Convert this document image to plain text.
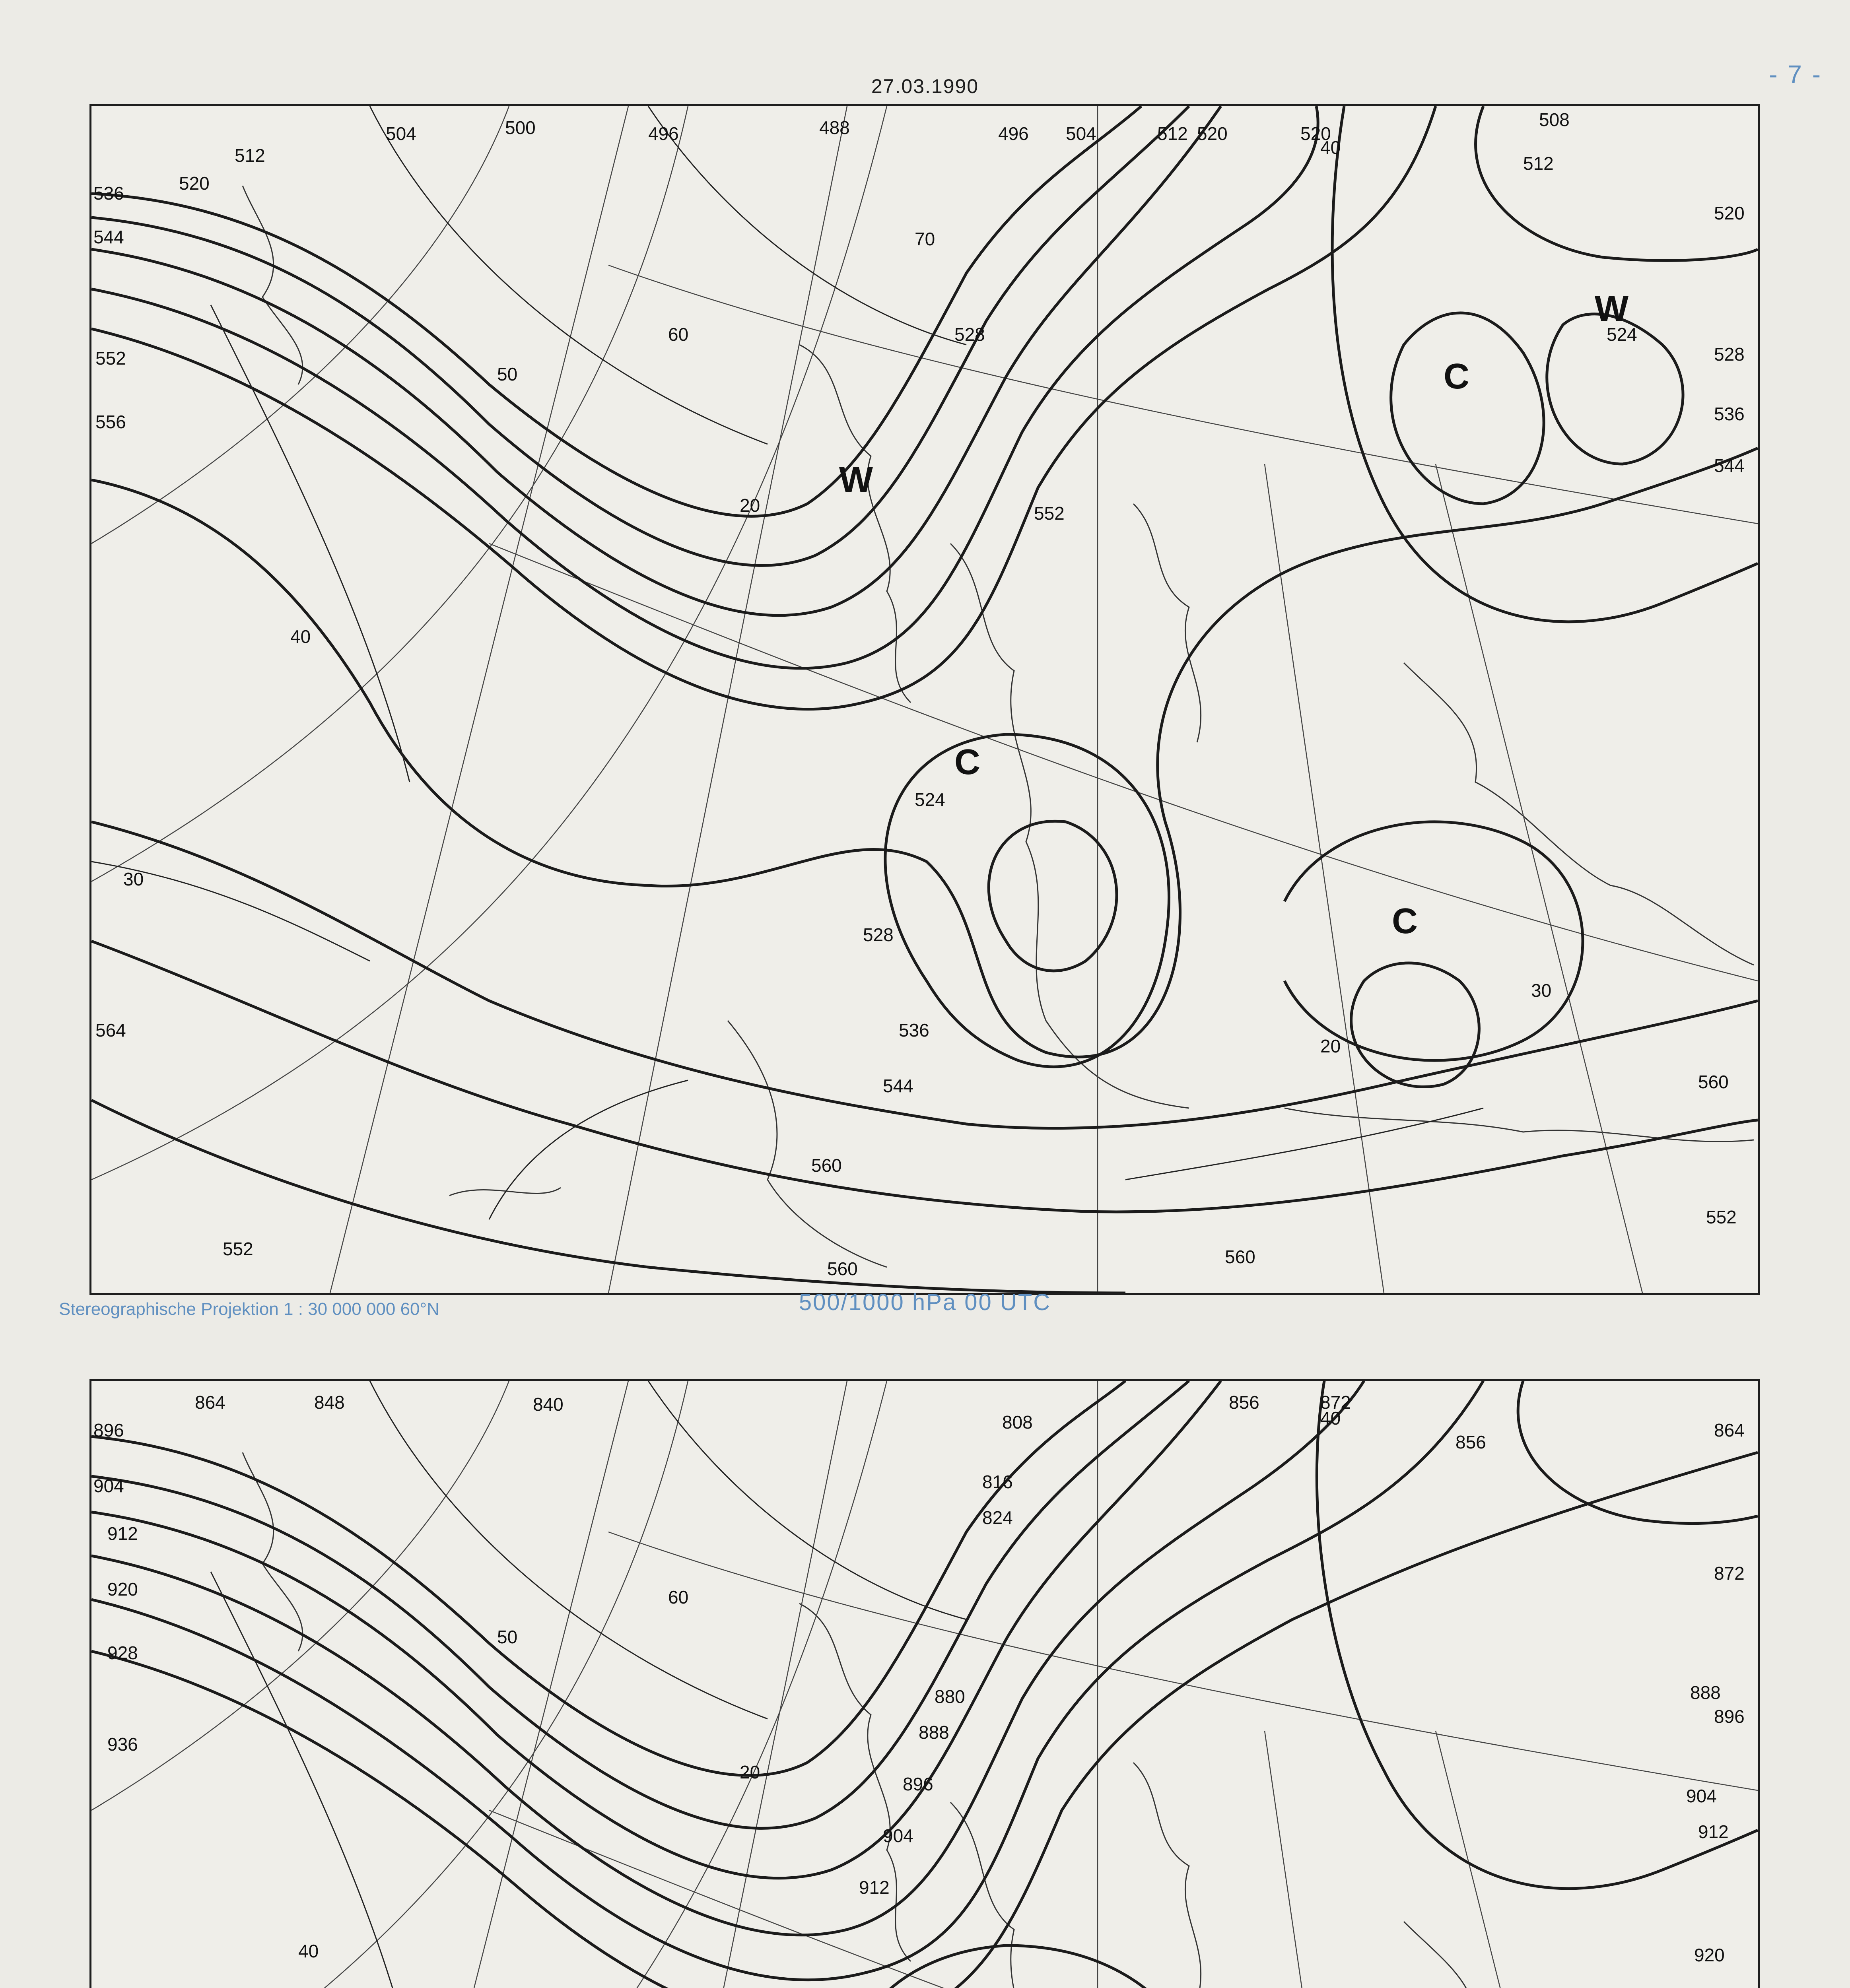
27.03.1990	- 7 -
500
504	496	488	496 504	512 520	520
508
512
512
520
536
544
520
552
556
524
528
536
544
528
524
528
536
544
552
560
564
552
560
560
560
552
60
50
40
30
20
70
40
30
20
W
C
C
C
W
Stereographische Projektion 1 : 30 000 000 60°N	500/1000 hPa 00 UTC
896
864	848	840
808
816
824
856	872
856
864
904
912
920
928
936
872
888
896
880
888
896
904
912
904
912
920
60
50
40
20
40
